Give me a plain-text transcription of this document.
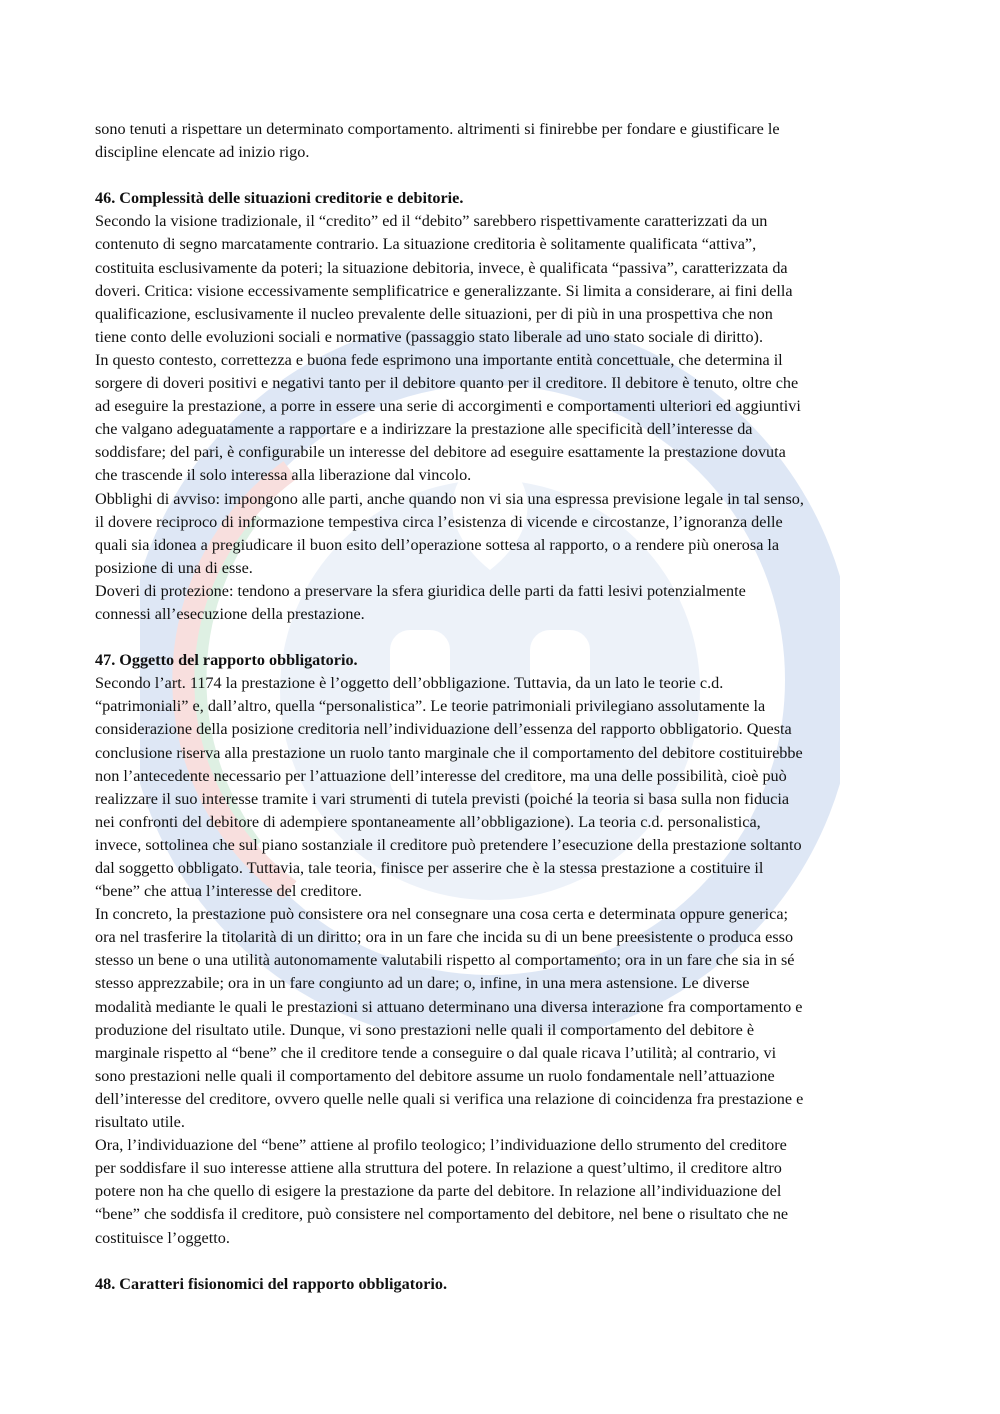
sono tenuti a rispettare un determinato comportamento. altrimenti si finirebbe per fondare e giustificare le
discipline elencate ad inizio rigo.

46. Complessità delle situazioni creditorie e debitorie.

Secondo la visione tradizionale, il “credito” ed il “debito” sarebbero rispettivamente caratterizzati da un
contenuto di segno marcatamente contrario. La situazione creditoria è solitamente qualificata “attiva”,
costituita esclusivamente da poteri; la situazione debitoria, invece, è qualificata “passiva”, caratterizzata da
doveri. Critica: visione eccessivamente semplificatrice e generalizzante. Si limita a considerare, ai fini della
qualificazione, esclusivamente il nucleo prevalente delle situazioni, per di più in una prospettiva che non
tiene conto delle evoluzioni sociali e normative (passaggio stato liberale ad uno stato sociale di diritto).

In questo contesto, correttezza e buona fede esprimono una importante entità concettuale, che determina il
sorgere di doveri positivi e negativi tanto per il debitore quanto per il creditore. Il debitore è tenuto, oltre che
ad eseguire la prestazione, a porre in essere una serie di accorgimenti e comportamenti ulteriori ed aggiuntivi
che valgano adeguatamente a rapportare e a indirizzare la prestazione alle specificità dell’interesse da
soddisfare; del pari, è configurabile un interesse del debitore ad eseguire esattamente la prestazione dovuta
che trascende il solo interessa alla liberazione dal vincolo.

Obblighi di avviso: impongono alle parti, anche quando non vi sia una espressa previsione legale in tal senso,
il dovere reciproco di informazione tempestiva circa l’esistenza di vicende e circostanze, l’ignoranza delle
quali sia idonea a pregiudicare il buon esito dell’operazione sottesa al rapporto, o a rendere più onerosa la
posizione di una di esse.

Doveri di protezione: tendono a preservare la sfera giuridica delle parti da fatti lesivi potenzialmente
connessi all’esecuzione della prestazione.

47. Oggetto del rapporto obbligatorio.

Secondo l’art. 1174 la prestazione è l’oggetto dell’obbligazione. Tuttavia, da un lato le teorie c.d.
“patrimoniali” e, dall’altro, quella “personalistica”. Le teorie patrimoniali privilegiano assolutamente la
considerazione della posizione creditoria nell’individuazione dell’essenza del rapporto obbligatorio. Questa
conclusione riserva alla prestazione un ruolo tanto marginale che il comportamento del debitore costituirebbe
non l’antecedente necessario per l’attuazione dell’interesse del creditore, ma una delle possibilità, cioè può
realizzare il suo interesse tramite i vari strumenti di tutela previsti (poiché la teoria si basa sulla non fiducia
nei confronti del debitore di adempiere spontaneamente all’obbligazione). La teoria c.d. personalistica,
invece, sottolinea che sul piano sostanziale il creditore può pretendere l’esecuzione della prestazione soltanto
dal soggetto obbligato. Tuttavia, tale teoria, finisce per asserire che è la stessa prestazione a costituire il
“bene” che attua l’interesse del creditore.

In concreto, la prestazione può consistere ora nel consegnare una cosa certa e determinata oppure generica;
ora nel trasferire la titolarità di un diritto; ora in un fare che incida su di un bene preesistente o produca esso
stesso un bene o una utilità autonomamente valutabili rispetto al comportamento; ora in un fare che sia in sé
stesso apprezzabile; ora in un fare congiunto ad un dare; o, infine, in una mera astensione. Le diverse
modalità mediante le quali le prestazioni si attuano determinano una diversa interazione fra comportamento e
produzione del risultato utile. Dunque, vi sono prestazioni nelle quali il comportamento del debitore è
marginale rispetto al “bene” che il creditore tende a conseguire o dal quale ricava l’utilità; al contrario, vi
sono prestazioni nelle quali il comportamento del debitore assume un ruolo fondamentale nell’attuazione
dell’interesse del creditore, ovvero quelle nelle quali si verifica una relazione di coincidenza fra prestazione e
risultato utile.

Ora, l’individuazione del “bene” attiene al profilo teologico; l’individuazione dello strumento del creditore
per soddisfare il suo interesse attiene alla struttura del potere. In relazione a quest’ultimo, il creditore altro
potere non ha che quello di esigere la prestazione da parte del debitore. In relazione all’individuazione del
“bene” che soddisfa il creditore, può consistere nel comportamento del debitore, nel bene o risultato che ne
costituisce l’oggetto.

48. Caratteri fisionomici del rapporto obbligatorio.
